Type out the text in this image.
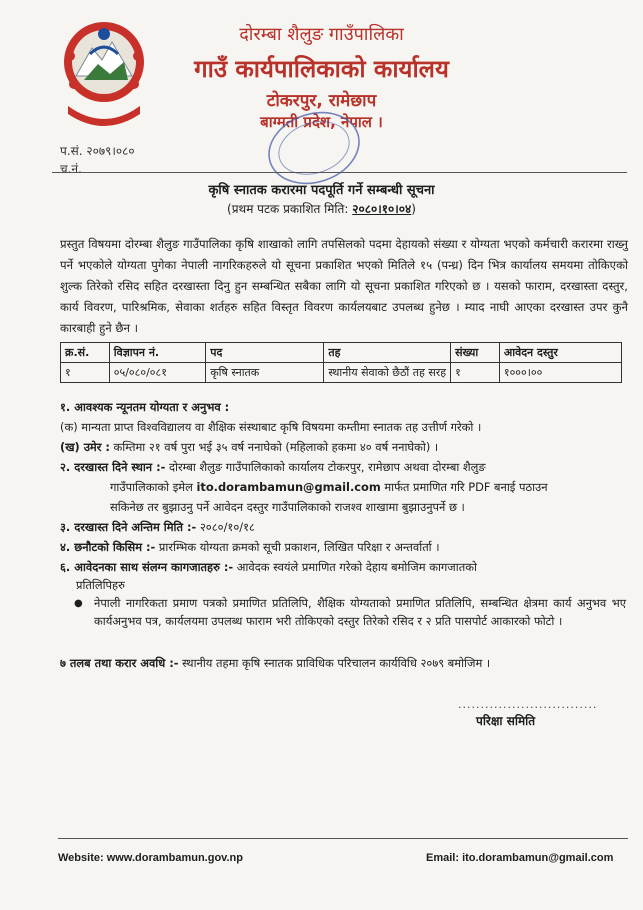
दोरम्बा शैलुङ गाउँपालिका
गाउँ कार्यपालिकाको कार्यालय
टोकरपुर, रामेछाप
बाग्मती प्रदेश, नेपाल ।
प.सं. २०७९।०८०
च.नं.
कृषि स्नातक करारमा पदपूर्ति गर्ने सम्बन्धी सूचना
(प्रथम पटक प्रकाशित मिति: २०८०।१०।०४)
प्रस्तुत विषयमा दोरम्बा शैलुङ गाउँपालिका कृषि शाखाको लागि तपसिलको पदमा देहायको संख्या र योग्यता भएको कर्मचारी करारमा राख्नु पर्ने भएकोले योग्यता पुगेका नेपाली नागरिकहरुले यो सूचना प्रकाशित भएको मितिले १५ (पन्ध्र) दिन भित्र कार्यालय समयमा तोकिएको शुल्क तिरेको रसिद सहित दरखास्ता दिनु हुन सम्बन्धित सबैका लागि यो सूचना प्रकाशित गरिएको छ । यसको फाराम, दरखास्ता दस्तुर, कार्य विवरण, पारिश्रमिक, सेवाका शर्तहरु सहित विस्तृत विवरण कार्यलयबाट उपलब्ध हुनेछ । म्याद नाघी आएका दरखास्त उपर कुनै कारबाही हुने छैन ।
क्र.सं.	विज्ञापन नं.	पद	तह	संख्या	आवेदन दस्तुर
१	०५/०८०/०८१	कृषि स्नातक	स्थानीय सेवाको छैठौं तह सरह	१	१०००।००
१. आवश्यक न्यूनतम योग्यता र अनुभव :
(क) मान्यता प्राप्त विश्वविद्यालय वा शैक्षिक संस्थाबाट कृषि विषयमा कम्तीमा स्नातक तह उत्तीर्ण गरेको ।
(ख) उमेर : कम्तिमा २१ वर्ष पुरा भई ३५ वर्ष ननाघेको (महिलाको हकमा ४० वर्ष ननाघेको) ।
२. दरखास्त दिने स्थान :- दोरम्बा शैलुङ गाउँपालिकाको कार्यालय टोकरपुर, रामेछाप अथवा दोरम्बा शैलुङ
गाउँपालिकाको इमेल ito.dorambamun@gmail.com मार्फत प्रमाणित गरि PDF बनाई पठाउन
सकिनेछ तर बुझाउनु पर्ने आवेदन दस्तुर गाउँपालिकाको राजश्व शाखामा बुझाउनुपर्ने छ ।
३. दरखास्त दिने अन्तिम मिति :- २०८०/१०/१८
४. छनौटको किसिम :- प्रारम्भिक योग्यता क्रमको सूची प्रकाशन, लिखित परिक्षा र अन्तर्वार्ता ।
६. आवेदनका साथ संलग्न कागजातहरु :- आवेदक स्वयंले प्रमाणित गरेको देहाय बमोजिम कागजातको
प्रतिलिपिहरु
● नेपाली नागरिकता प्रमाण पत्रको प्रमाणित प्रतिलिपि, शैक्षिक योग्यताको प्रमाणित प्रतिलिपि, सम्बन्धित क्षेत्रमा कार्य अनुभव भए कार्यअनुभव पत्र, कार्यलयमा उपलब्ध फाराम भरी तोकिएको दस्तुर तिरेको रसिद र २ प्रति पासपोर्ट आकारको फोटो ।
७ तलब तथा करार अवधि :- स्थानीय तहमा कृषि स्नातक प्राविधिक परिचालन कार्यविधि २०७९ बमोजिम ।
...............................
परिक्षा समिति
Website: www.dorambamun.gov.np	Email: ito.dorambamun@gmail.com
